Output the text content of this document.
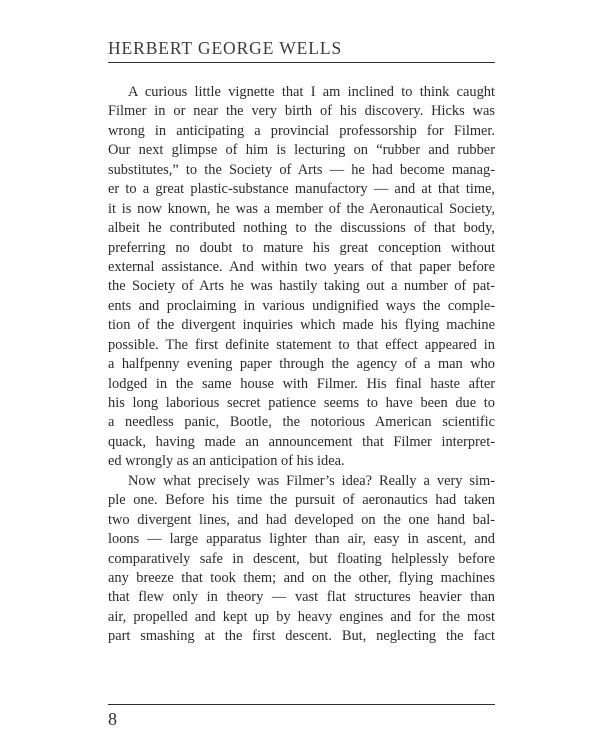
HERBERT GEORGE WELLS
A curious little vignette that I am inclined to think caught
Filmer in or near the very birth of his discovery. Hicks was
wrong in anticipating a provincial professorship for Filmer.
Our next glimpse of him is lecturing on “rubber and rubber
substitutes,” to the Society of Arts — he had become manag-
er to a great plastic-substance manufactory — and at that time,
it is now known, he was a member of the Aeronautical Society,
albeit he contributed nothing to the discussions of that body,
preferring no doubt to mature his great conception without
external assistance. And within two years of that paper before
the Society of Arts he was hastily taking out a number of pat-
ents and proclaiming in various undignified ways the comple-
tion of the divergent inquiries which made his flying machine
possible. The first definite statement to that effect appeared in
a halfpenny evening paper through the agency of a man who
lodged in the same house with Filmer. His final haste after
his long laborious secret patience seems to have been due to
a needless panic, Bootle, the notorious American scientific
quack, having made an announcement that Filmer interpret-
ed wrongly as an anticipation of his idea.
Now what precisely was Filmer’s idea? Really a very sim-
ple one. Before his time the pursuit of aeronautics had taken
two divergent lines, and had developed on the one hand bal-
loons — large apparatus lighter than air, easy in ascent, and
comparatively safe in descent, but floating helplessly before
any breeze that took them; and on the other, flying machines
that flew only in theory — vast flat structures heavier than
air, propelled and kept up by heavy engines and for the most
part smashing at the first descent. But, neglecting the fact
8
